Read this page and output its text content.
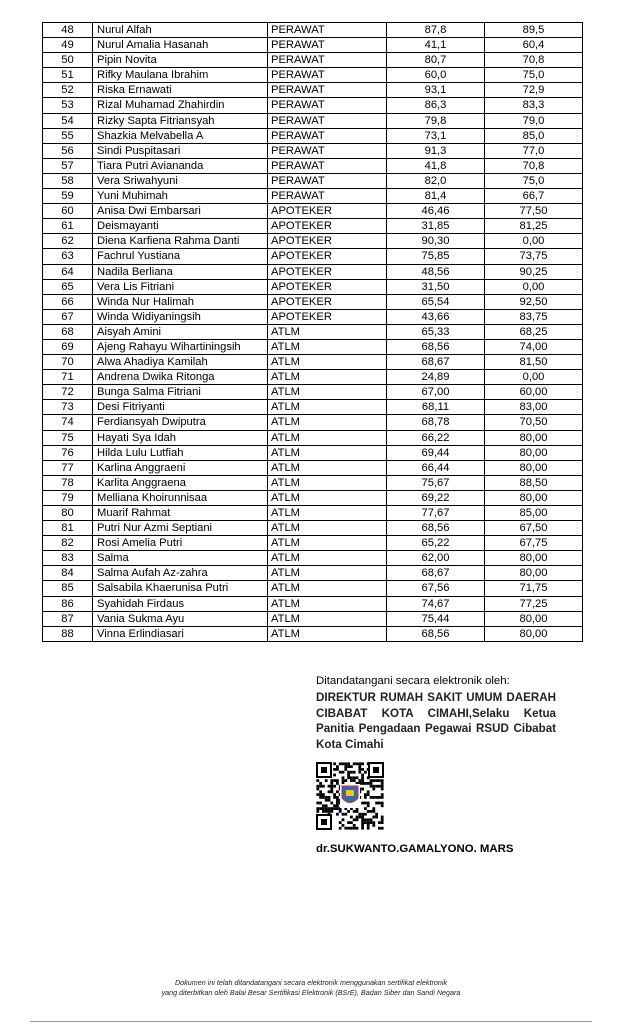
48	Nurul Alfah	PERAWAT	87,8	89,5
49	Nurul Amalia Hasanah	PERAWAT	41,1	60,4
50	Pipin Novita	PERAWAT	80,7	70,8
51	Rifky Maulana Ibrahim	PERAWAT	60,0	75,0
52	Riska Ernawati	PERAWAT	93,1	72,9
53	Rizal Muhamad Zhahirdin	PERAWAT	86,3	83,3
54	Rizky Sapta Fitriansyah	PERAWAT	79,8	79,0
55	Shazkia Melvabella A	PERAWAT	73,1	85,0
56	Sindi Puspitasari	PERAWAT	91,3	77,0
57	Tiara Putri Aviananda	PERAWAT	41,8	70,8
58	Vera Sriwahyuni	PERAWAT	82,0	75,0
59	Yuni Muhimah	PERAWAT	81,4	66,7
60	Anisa Dwi Embarsari	APOTEKER	46,46	77,50
61	Deismayanti	APOTEKER	31,85	81,25
62	Diena Karfiena Rahma Danti	APOTEKER	90,30	0,00
63	Fachrul Yustiana	APOTEKER	75,85	73,75
64	Nadila Berliana	APOTEKER	48,56	90,25
65	Vera Lis Fitriani	APOTEKER	31,50	0,00
66	Winda Nur Halimah	APOTEKER	65,54	92,50
67	Winda Widiyaningsih	APOTEKER	43,66	83,75
68	Aisyah Amini	ATLM	65,33	68,25
69	Ajeng Rahayu Wihartiningsih	ATLM	68,56	74,00
70	Alwa Ahadiya Kamilah	ATLM	68,67	81,50
71	Andrena Dwika Ritonga	ATLM	24,89	0,00
72	Bunga Salma Fitriani	ATLM	67,00	60,00
73	Desi Fitriyanti	ATLM	68,11	83,00
74	Ferdiansyah Dwiputra	ATLM	68,78	70,50
75	Hayati Sya Idah	ATLM	66,22	80,00
76	Hilda Lulu Lutfiah	ATLM	69,44	80,00
77	Karlina Anggraeni	ATLM	66,44	80,00
78	Karlita Anggraena	ATLM	75,67	88,50
79	Melliana Khoirunnisaa	ATLM	69,22	80,00
80	Muarif Rahmat	ATLM	77,67	85,00
81	Putri Nur Azmi Septiani	ATLM	68,56	67,50
82	Rosi Amelia Putri	ATLM	65,22	67,75
83	Salma	ATLM	62,00	80,00
84	Salma Aufah Az-zahra	ATLM	68,67	80,00
85	Salsabila Khaerunisa Putri	ATLM	67,56	71,75
86	Syahidah Firdaus	ATLM	74,67	77,25
87	Vania Sukma Ayu	ATLM	75,44	80,00
88	Vinna Erlindiasari	ATLM	68,56	80,00
Ditandatangani secara elektronik oleh:
DIREKTUR RUMAH SAKIT UMUM DAERAH CIBABAT KOTA CIMAHI,Selaku Ketua Panitia Pengadaan Pegawai RSUD Cibabat Kota Cimahi
dr.SUKWANTO.GAMALYONO. MARS
Dokumen ini telah ditandatangani secara elektronik menggunakan sertifikat elektronik
yang diterbitkan oleh Balai Besar Sertifikasi Elektronik (BSrE), Badan Siber dan Sandi Negara
